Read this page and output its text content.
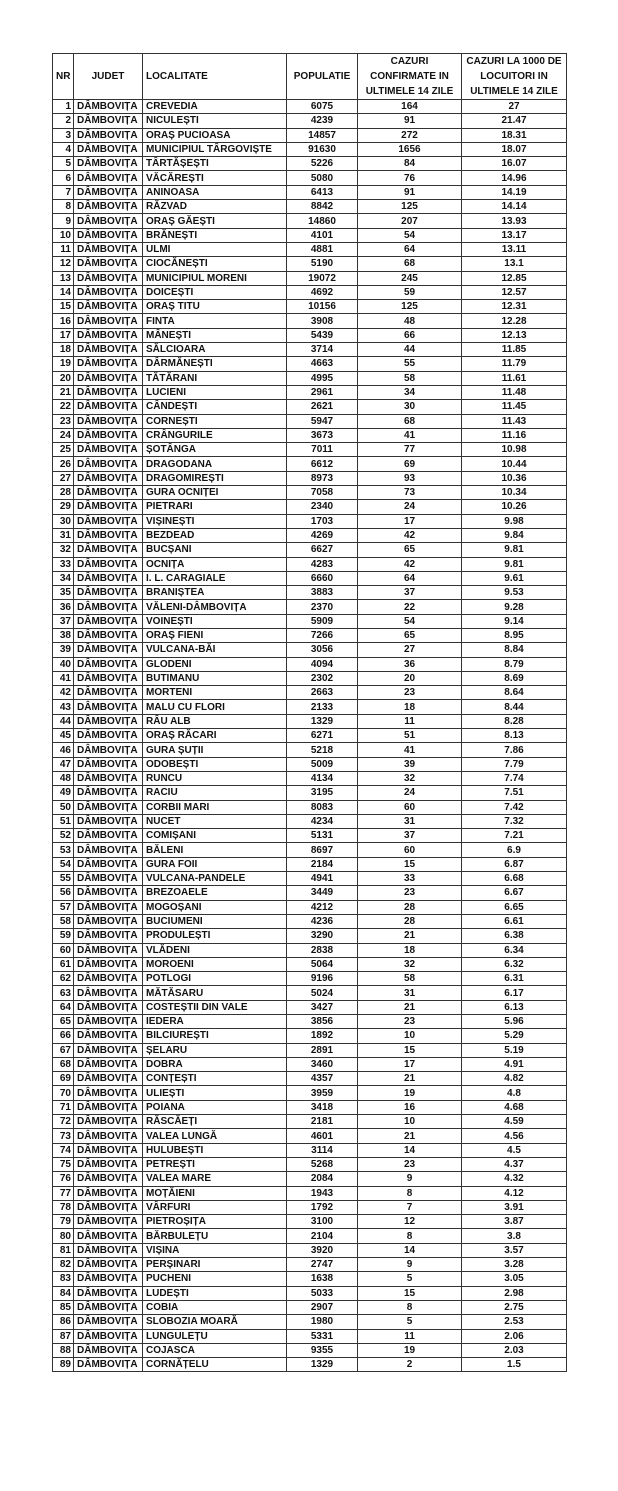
NR	JUDET	LOCALITATE	POPULATIE	CAZURI CONFIRMATE IN ULTIMELE 14 ZILE	CAZURI LA 1000 DE LOCUITORI IN ULTIMELE 14 ZILE
1	DÂMBOVIȚA	CREVEDIA	6075	164	27
2	DÂMBOVIȚA	NICULEȘTI	4239	91	21.47
3	DÂMBOVIȚA	ORAȘ PUCIOASA	14857	272	18.31
4	DÂMBOVIȚA	MUNICIPIUL TÂRGOVIȘTE	91630	1656	18.07
5	DÂMBOVIȚA	TÂRTĂȘEȘTI	5226	84	16.07
6	DÂMBOVIȚA	VĂCĂREȘTI	5080	76	14.96
7	DÂMBOVIȚA	ANINOASA	6413	91	14.19
8	DÂMBOVIȚA	RĂZVAD	8842	125	14.14
9	DÂMBOVIȚA	ORAȘ GĂEȘTI	14860	207	13.93
10	DÂMBOVIȚA	BRĂNEȘTI	4101	54	13.17
11	DÂMBOVIȚA	ULMI	4881	64	13.11
12	DÂMBOVIȚA	CIOCĂNEȘTI	5190	68	13.1
13	DÂMBOVIȚA	MUNICIPIUL MORENI	19072	245	12.85
14	DÂMBOVIȚA	DOICEȘTI	4692	59	12.57
15	DÂMBOVIȚA	ORAȘ TITU	10156	125	12.31
16	DÂMBOVIȚA	FINTA	3908	48	12.28
17	DÂMBOVIȚA	MÂNEȘTI	5439	66	12.13
18	DÂMBOVIȚA	SĂLCIOARA	3714	44	11.85
19	DÂMBOVIȚA	DÂRMĂNEȘTI	4663	55	11.79
20	DÂMBOVIȚA	TĂTĂRANI	4995	58	11.61
21	DÂMBOVIȚA	LUCIENI	2961	34	11.48
22	DÂMBOVIȚA	CÂNDEȘTI	2621	30	11.45
23	DÂMBOVIȚA	CORNEȘTI	5947	68	11.43
24	DÂMBOVIȚA	CRÂNGURILE	3673	41	11.16
25	DÂMBOVIȚA	ȘOTÂNGA	7011	77	10.98
26	DÂMBOVIȚA	DRAGODANA	6612	69	10.44
27	DÂMBOVIȚA	DRAGOMIREȘTI	8973	93	10.36
28	DÂMBOVIȚA	GURA OCNIȚEI	7058	73	10.34
29	DÂMBOVIȚA	PIETRARI	2340	24	10.26
30	DÂMBOVIȚA	VIȘINEȘTI	1703	17	9.98
31	DÂMBOVIȚA	BEZDEAD	4269	42	9.84
32	DÂMBOVIȚA	BUCȘANI	6627	65	9.81
33	DÂMBOVIȚA	OCNIȚA	4283	42	9.81
34	DÂMBOVIȚA	I. L. CARAGIALE	6660	64	9.61
35	DÂMBOVIȚA	BRANIȘTEA	3883	37	9.53
36	DÂMBOVIȚA	VĂLENI-DÂMBOVIȚA	2370	22	9.28
37	DÂMBOVIȚA	VOINEȘTI	5909	54	9.14
38	DÂMBOVIȚA	ORAȘ FIENI	7266	65	8.95
39	DÂMBOVIȚA	VULCANA-BĂI	3056	27	8.84
40	DÂMBOVIȚA	GLODENI	4094	36	8.79
41	DÂMBOVIȚA	BUTIMANU	2302	20	8.69
42	DÂMBOVIȚA	MORTENI	2663	23	8.64
43	DÂMBOVIȚA	MALU CU FLORI	2133	18	8.44
44	DÂMBOVIȚA	RÂU ALB	1329	11	8.28
45	DÂMBOVIȚA	ORAȘ RĂCARI	6271	51	8.13
46	DÂMBOVIȚA	GURA ȘUȚII	5218	41	7.86
47	DÂMBOVIȚA	ODOBEȘTI	5009	39	7.79
48	DÂMBOVIȚA	RUNCU	4134	32	7.74
49	DÂMBOVIȚA	RACIU	3195	24	7.51
50	DÂMBOVIȚA	CORBII MARI	8083	60	7.42
51	DÂMBOVIȚA	NUCET	4234	31	7.32
52	DÂMBOVIȚA	COMIȘANI	5131	37	7.21
53	DÂMBOVIȚA	BĂLENI	8697	60	6.9
54	DÂMBOVIȚA	GURA FOII	2184	15	6.87
55	DÂMBOVIȚA	VULCANA-PANDELE	4941	33	6.68
56	DÂMBOVIȚA	BREZOAELE	3449	23	6.67
57	DÂMBOVIȚA	MOGOȘANI	4212	28	6.65
58	DÂMBOVIȚA	BUCIUMENI	4236	28	6.61
59	DÂMBOVIȚA	PRODULEȘTI	3290	21	6.38
60	DÂMBOVIȚA	VLĂDENI	2838	18	6.34
61	DÂMBOVIȚA	MOROENI	5064	32	6.32
62	DÂMBOVIȚA	POTLOGI	9196	58	6.31
63	DÂMBOVIȚA	MĂTĂSARU	5024	31	6.17
64	DÂMBOVIȚA	COSTEȘTII DIN VALE	3427	21	6.13
65	DÂMBOVIȚA	IEDERA	3856	23	5.96
66	DÂMBOVIȚA	BILCIUREȘTI	1892	10	5.29
67	DÂMBOVIȚA	ȘELARU	2891	15	5.19
68	DÂMBOVIȚA	DOBRA	3460	17	4.91
69	DÂMBOVIȚA	CONȚEȘTI	4357	21	4.82
70	DÂMBOVIȚA	ULIEȘTI	3959	19	4.8
71	DÂMBOVIȚA	POIANA	3418	16	4.68
72	DÂMBOVIȚA	RĂSCĂEȚI	2181	10	4.59
73	DÂMBOVIȚA	VALEA LUNGĂ	4601	21	4.56
74	DÂMBOVIȚA	HULUBEȘTI	3114	14	4.5
75	DÂMBOVIȚA	PETREȘTI	5268	23	4.37
76	DÂMBOVIȚA	VALEA MARE	2084	9	4.32
77	DÂMBOVIȚA	MOȚĂIENI	1943	8	4.12
78	DÂMBOVIȚA	VÂRFURI	1792	7	3.91
79	DÂMBOVIȚA	PIETROȘIȚA	3100	12	3.87
80	DÂMBOVIȚA	BĂRBULEȚU	2104	8	3.8
81	DÂMBOVIȚA	VIȘINA	3920	14	3.57
82	DÂMBOVIȚA	PERȘINARI	2747	9	3.28
83	DÂMBOVIȚA	PUCHENI	1638	5	3.05
84	DÂMBOVIȚA	LUDEȘTI	5033	15	2.98
85	DÂMBOVIȚA	COBIA	2907	8	2.75
86	DÂMBOVIȚA	SLOBOZIA MOARĂ	1980	5	2.53
87	DÂMBOVIȚA	LUNGULEȚU	5331	11	2.06
88	DÂMBOVIȚA	COJASCA	9355	19	2.03
89	DÂMBOVIȚA	CORNĂȚELU	1329	2	1.5
